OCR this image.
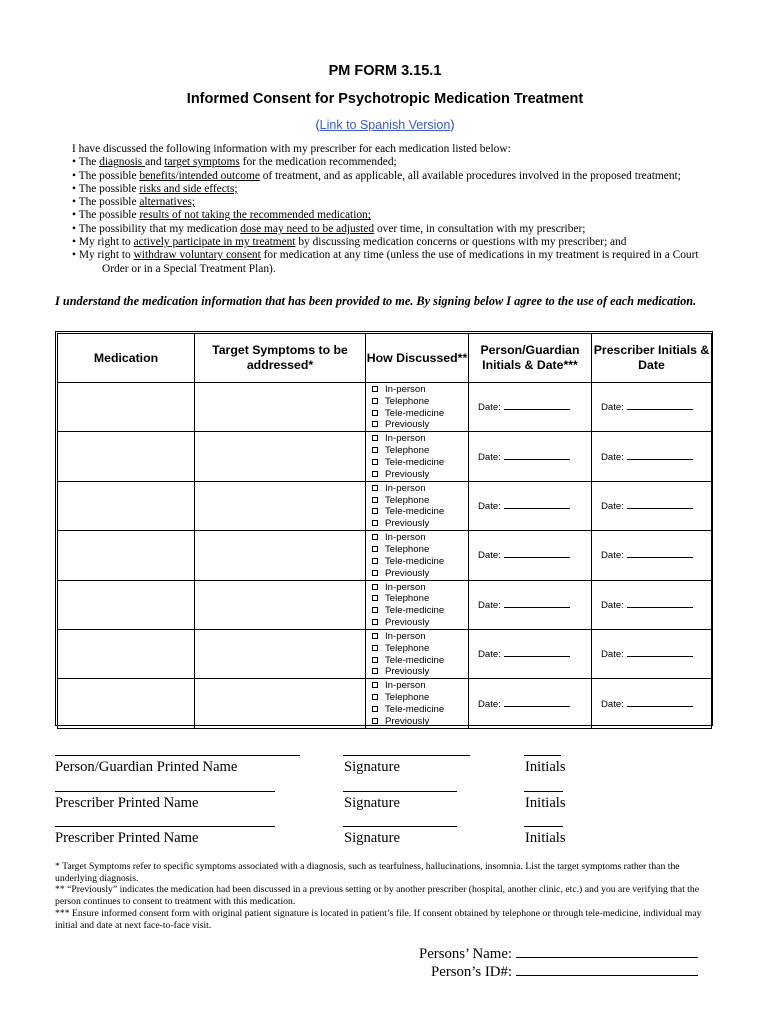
PM FORM 3.15.1
Informed Consent for Psychotropic Medication Treatment
(Link to Spanish Version)
I have discussed the following information with my prescriber for each medication listed below:
• The diagnosis and target symptoms for the medication recommended;
• The possible benefits/intended outcome of treatment, and as applicable, all available procedures involved in the proposed treatment;
• The possible risks and side effects;
• The possible alternatives;
• The possible results of not taking the recommended medication;
• The possibility that my medication dose may need to be adjusted over time, in consultation with my prescriber;
• My right to actively participate in my treatment by discussing medication concerns or questions with my prescriber; and
• My right to withdraw voluntary consent for medication at any time (unless the use of medications in my treatment is required in a Court
Order or in a Special Treatment Plan).
I understand the medication information that has been provided to me. By signing below I agree to the use of each medication.
Medication	Target Symptoms to be addressed*	How Discussed**	Person/Guardian Initials & Date***	Prescriber Initials & Date

		In-person
Telephone
Tele-medicine
Previously	Date:	Date:

		In-person
Telephone
Tele-medicine
Previously	Date:	Date:

		In-person
Telephone
Tele-medicine
Previously	Date:	Date:

		In-person
Telephone
Tele-medicine
Previously	Date:	Date:

		In-person
Telephone
Tele-medicine
Previously	Date:	Date:

		In-person
Telephone
Tele-medicine
Previously	Date:	Date:

		In-person
Telephone
Tele-medicine
Previously	Date:	Date:
Person/Guardian Printed Name	Signature	Initials
Prescriber Printed Name	Signature	Initials
Prescriber Printed Name	Signature	Initials
* Target Symptoms refer to specific symptoms associated with a diagnosis, such as tearfulness, hallucinations, insomnia. List the target symptoms rather than the underlying diagnosis.
** “Previously” indicates the medication had been discussed in a previous setting or by another prescriber (hospital, another clinic, etc.) and you are verifying that the person continues to consent to treatment with this medication.
*** Ensure informed consent form with original patient signature is located in patient’s file. If consent obtained by telephone or through tele-medicine, individual may initial and date at next face-to-face visit.
Persons’ Name:
Person’s ID#:
